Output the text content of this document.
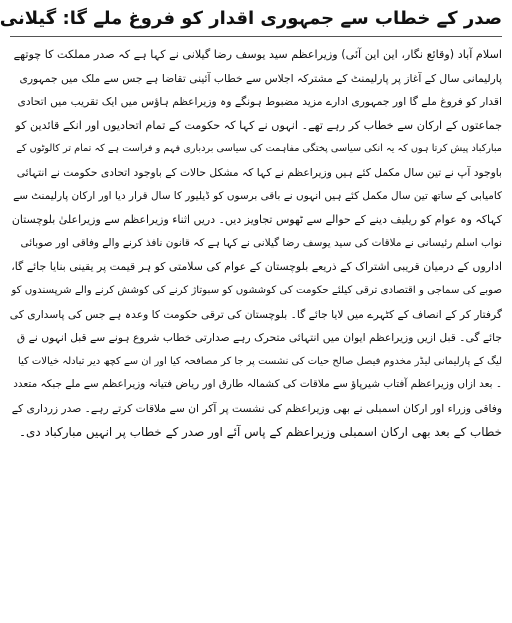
صدر کے خطاب سے جمہوری اقدار کو فروغ ملے گا: گیلانی
اسلام آباد (وقائع نگار، این این آئی) وزیراعظم سید یوسف رضا گیلانی نے کہا ہے کہ صدر مملکت کا چوتھے
پارلیمانی سال کے آغاز پر پارلیمنٹ کے مشترکہ اجلاس سے خطاب آئینی تقاضا ہے جس سے ملک میں جمہوری
اقدار کو فروغ ملے گا اور جمہوری ادارے مزید مضبوط ہونگے وہ وزیراعظم ہاؤس میں ایک تقریب میں اتحادی
جماعتوں کے ارکان سے خطاب کر رہے تھے۔ انہوں نے کہا کہ حکومت کے تمام اتحادیوں اور انکے قائدین کو
مبارکباد پیش کرتا ہوں کہ یہ انکی سیاسی پختگی مفاہمت کی سیاسی بردباری فہم و فراست ہے کہ تمام تر کالوٹوں کے
باوجود آپ نے تین سال مکمل کئے ہیں وزیراعظم نے کہا کہ مشکل حالات کے باوجود اتحادی حکومت نے انتہائی
کامیابی کے ساتھ تین سال مکمل کئے ہیں انہوں نے باقی برسوں کو ڈیلیور کا سال قرار دیا اور ارکان پارلیمنٹ سے
کہاکہ وہ عوام کو ریلیف دینے کے حوالے سے ٹھوس تجاویز دیں۔ دریں اثناء وزیراعظم سے وزیراعلیٰ بلوچستان
نواب اسلم رئیسانی نے ملاقات کی سید یوسف رضا گیلانی نے کہا ہے کہ قانون نافذ کرنے والے وفاقی اور صوبائی
اداروں کے درمیان قریبی اشتراک کے ذریعے بلوچستان کے عوام کی سلامتی کو ہر قیمت پر یقینی بنایا جائے گا،
صوبے کی سماجی و اقتصادی ترقی کیلئے حکومت کی کوششوں کو سبوتاژ کرنے کی کوشش کرنے والے شرپسندوں کو
گرفتار کر کے انصاف کے کٹہرے میں لایا جائے گا۔ بلوچستان کی ترقی حکومت کا وعدہ ہے جس کی پاسداری کی
جائے گی۔ قبل ازیں وزیراعظم ایوان میں انتہائی متحرک رہے صدارتی خطاب شروع ہونے سے قبل انہوں نے ق
لیگ کے پارلیمانی لیڈر مخدوم فیصل صالح حیات کی نشست پر جا کر مصافحہ کیا اور ان سے کچھ دیر تبادلہ خیالات کیا
۔ بعد ازاں وزیراعظم آفتاب شیرپاؤ سے ملاقات کی کشمالہ طارق اور ریاض فتیانہ وزیراعظم سے ملے جبکہ متعدد
وفاقی وزراء اور ارکان اسمبلی نے بھی وزیراعظم کی نشست پر آکر ان سے ملاقات کرتے رہے۔ صدر زرداری کے
خطاب کے بعد بھی ارکان اسمبلی وزیراعظم کے پاس آئے اور صدر کے خطاب پر انہیں مبارکباد دی۔
